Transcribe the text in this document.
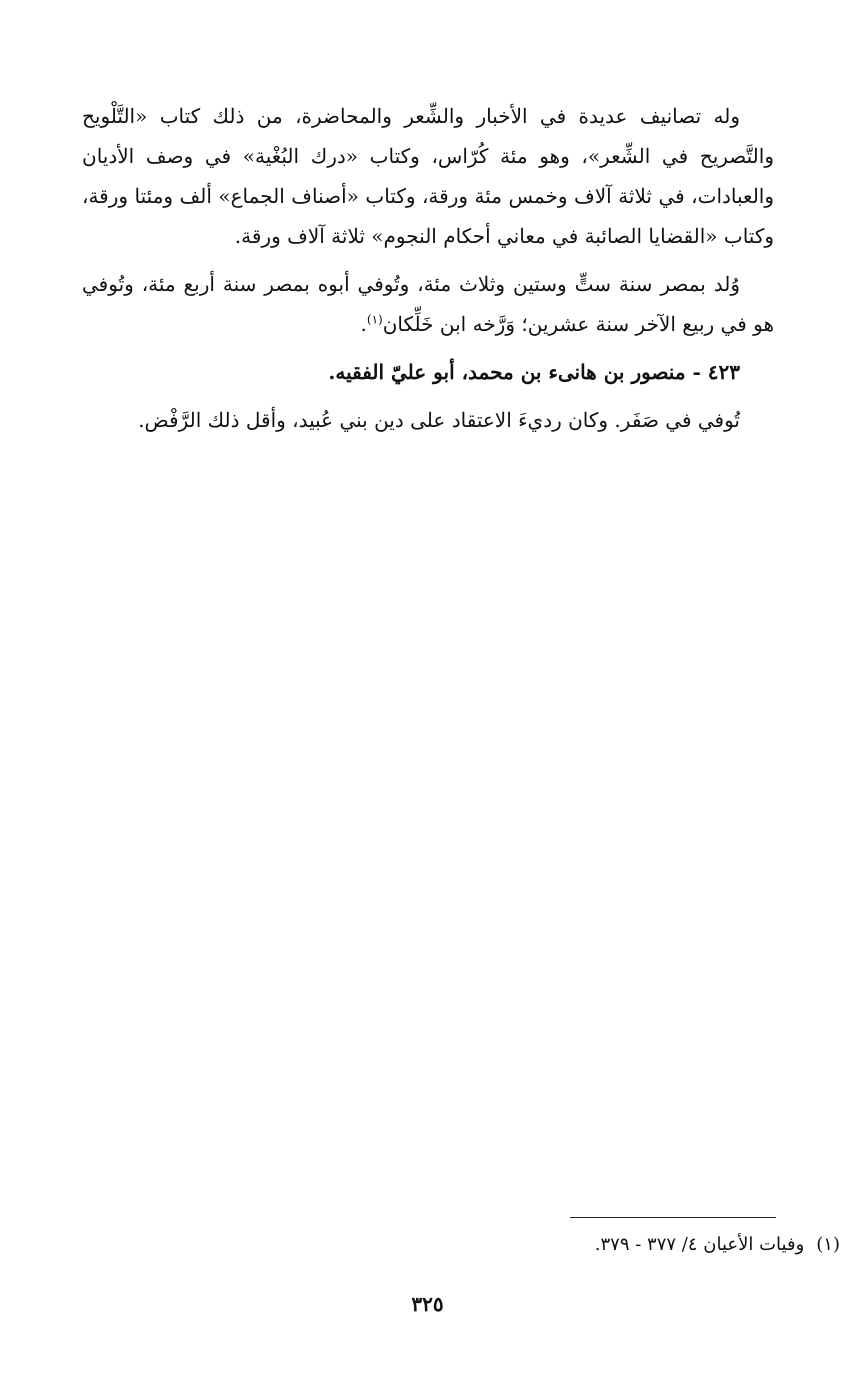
وله تصانيف عديدة في الأخبار والشِّعر والمحاضرة، من ذلك كتاب «التَّلْويح والتَّصريح في الشِّعر»، وهو مئة كُرّاس، وكتاب «درك البُغْية» في وصف الأديان والعبادات، في ثلاثة آلاف وخمس مئة ورقة، وكتاب «أصناف الجماع» ألف ومئتا ورقة، وكتاب «القضايا الصائبة في معاني أحكام النجوم» ثلاثة آلاف ورقة.

وُلد بمصر سنة ستٍّ وستين وثلاث مئة، وتُوفي أبوه بمصر سنة أربع مئة، وتُوفي هو في ربيع الآخر سنة عشرين؛ وَرَّخه ابن خَلِّكان$^{(١)}$.

٤٢٣ - منصور بن هانىء بن محمد، أبو عليّ الفقيه.

تُوفي في صَفَر. وكان رديءَ الاعتقاد على دين بني عُبيد، وأقل ذلك الرَّفْض.

(١)وفيات الأعيان ٤/ ٣٧٧ - ٣٧٩.
٣٢٥
